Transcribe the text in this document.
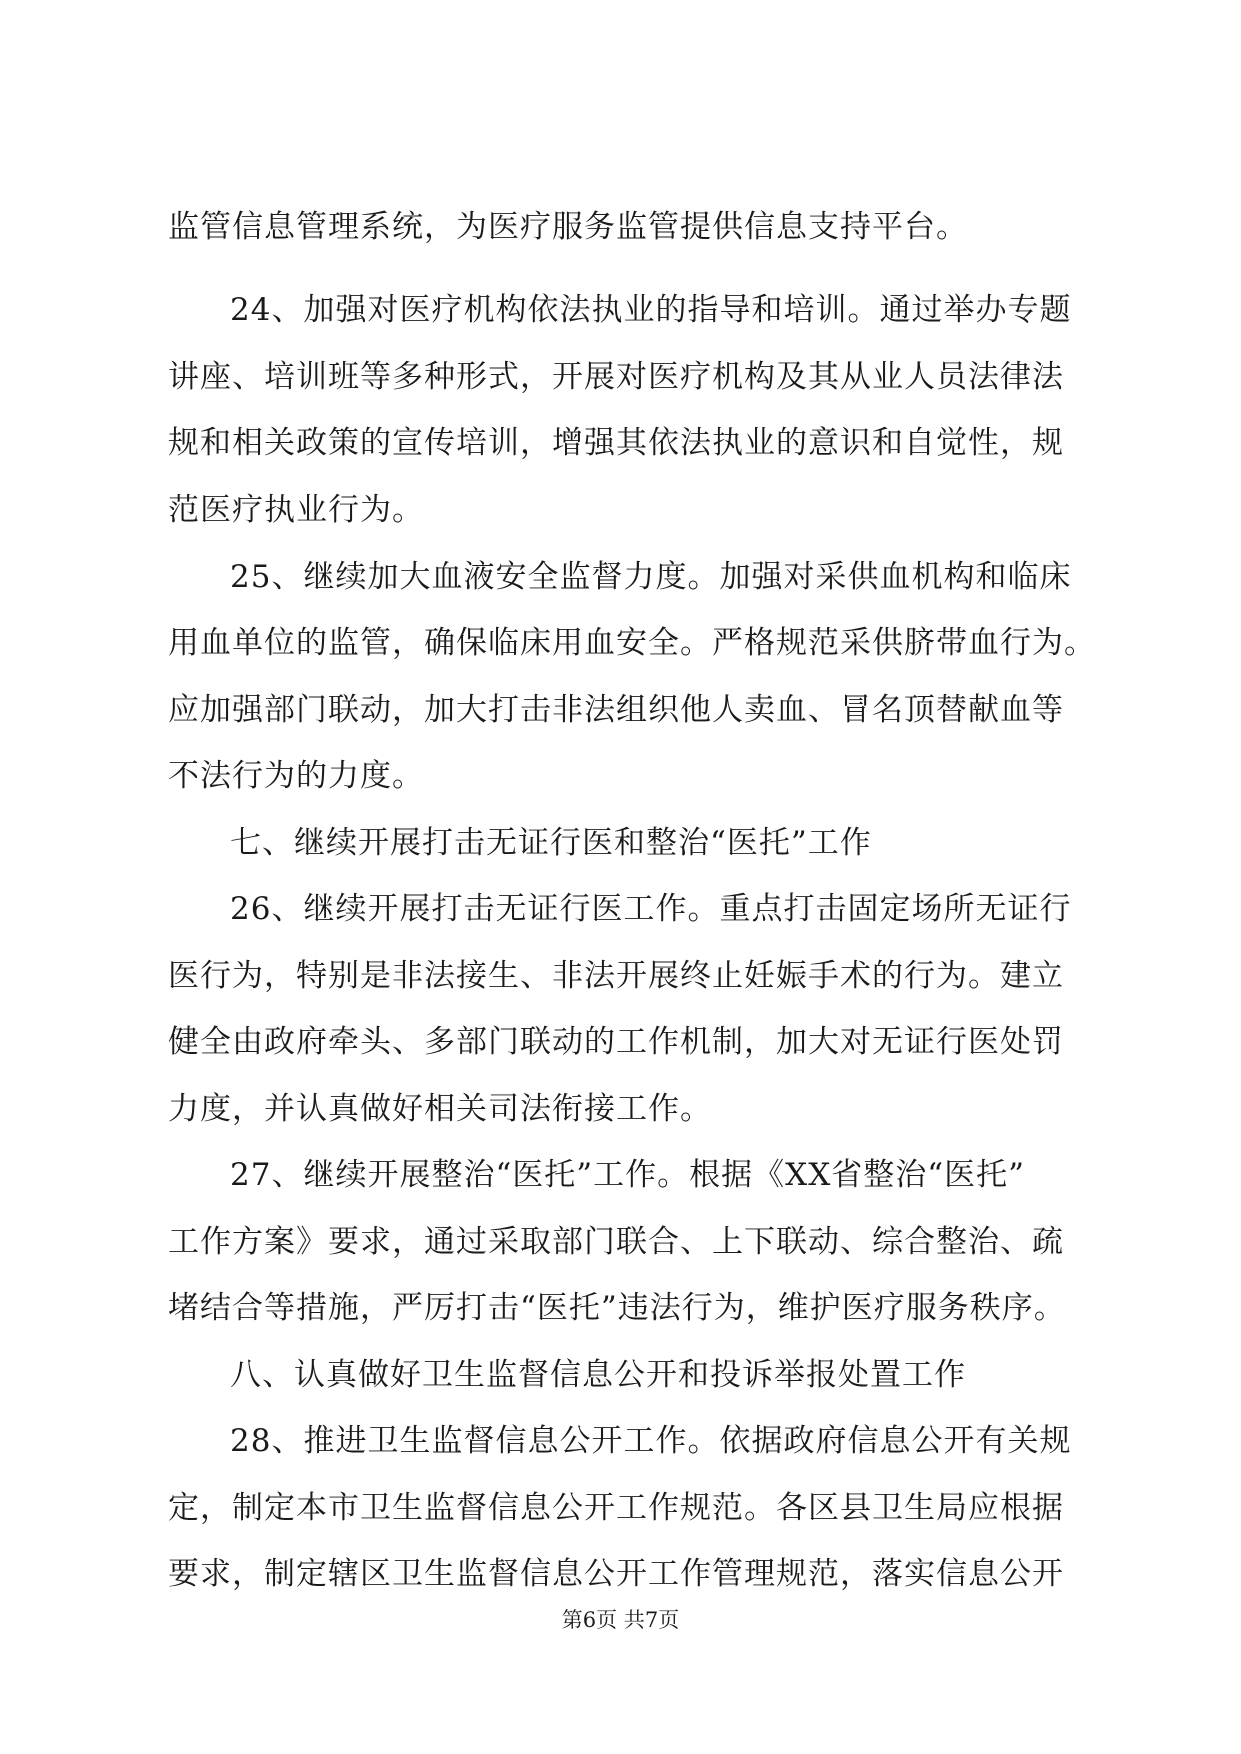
监管信息管理系统，为医疗服务监管提供信息支持平台。
24、加强对医疗机构依法执业的指导和培训。通过举办专题
讲座、培训班等多种形式，开展对医疗机构及其从业人员法律法
规和相关政策的宣传培训，增强其依法执业的意识和自觉性，规
范医疗执业行为。
25、继续加大血液安全监督力度。加强对采供血机构和临床
用血单位的监管，确保临床用血安全。严格规范采供脐带血行为。
应加强部门联动，加大打击非法组织他人卖血、冒名顶替献血等
不法行为的力度。
七、继续开展打击无证行医和整治“医托”工作
26、继续开展打击无证行医工作。重点打击固定场所无证行
医行为，特别是非法接生、非法开展终止妊娠手术的行为。建立
健全由政府牵头、多部门联动的工作机制，加大对无证行医处罚
力度，并认真做好相关司法衔接工作。
27、继续开展整治“医托”工作。根据《XX省整治“医托”
工作方案》要求，通过采取部门联合、上下联动、综合整治、疏
堵结合等措施，严厉打击“医托”违法行为，维护医疗服务秩序。
八、认真做好卫生监督信息公开和投诉举报处置工作
28、推进卫生监督信息公开工作。依据政府信息公开有关规
定，制定本市卫生监督信息公开工作规范。各区县卫生局应根据
要求，制定辖区卫生监督信息公开工作管理规范，落实信息公开
第6页 共7页
